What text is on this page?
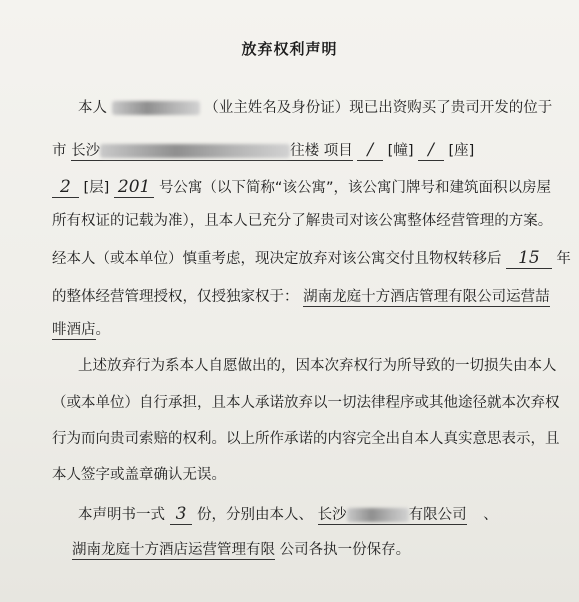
放弃权利声明
本人	（业主姓名及身份证）现已出资购买了贵司开发的位于
市 长沙	往楼 项目 / [幢] / [座]
2 [层] 201 号公寓（以下简称“该公寓”，该公寓门牌号和建筑面积以房屋
所有权证的记载为准），且本人已充分了解贵司对该公寓整体经营管理的方案。
经本人（或本单位）慎重考虑，现决定放弃对该公寓交付且物权转移后 15 年
的整体经营管理授权，仅授独家权于： 湖南龙庭十方酒店管理有限公司运营喆
啡酒店。
上述放弃行为系本人自愿做出的，因本次弃权行为所导致的一切损失由本人
（或本单位）自行承担，且本人承诺放弃以一切法律程序或其他途径就本次弃权
行为而向贵司索赔的权利。以上所作承诺的内容完全出自本人真实意思表示，且
本人签字或盖章确认无误。
本声明书一式 3 份，分别由本人、 长沙	有限公司 、
湖南龙庭十方酒店运营管理有限 公司各执一份保存。
